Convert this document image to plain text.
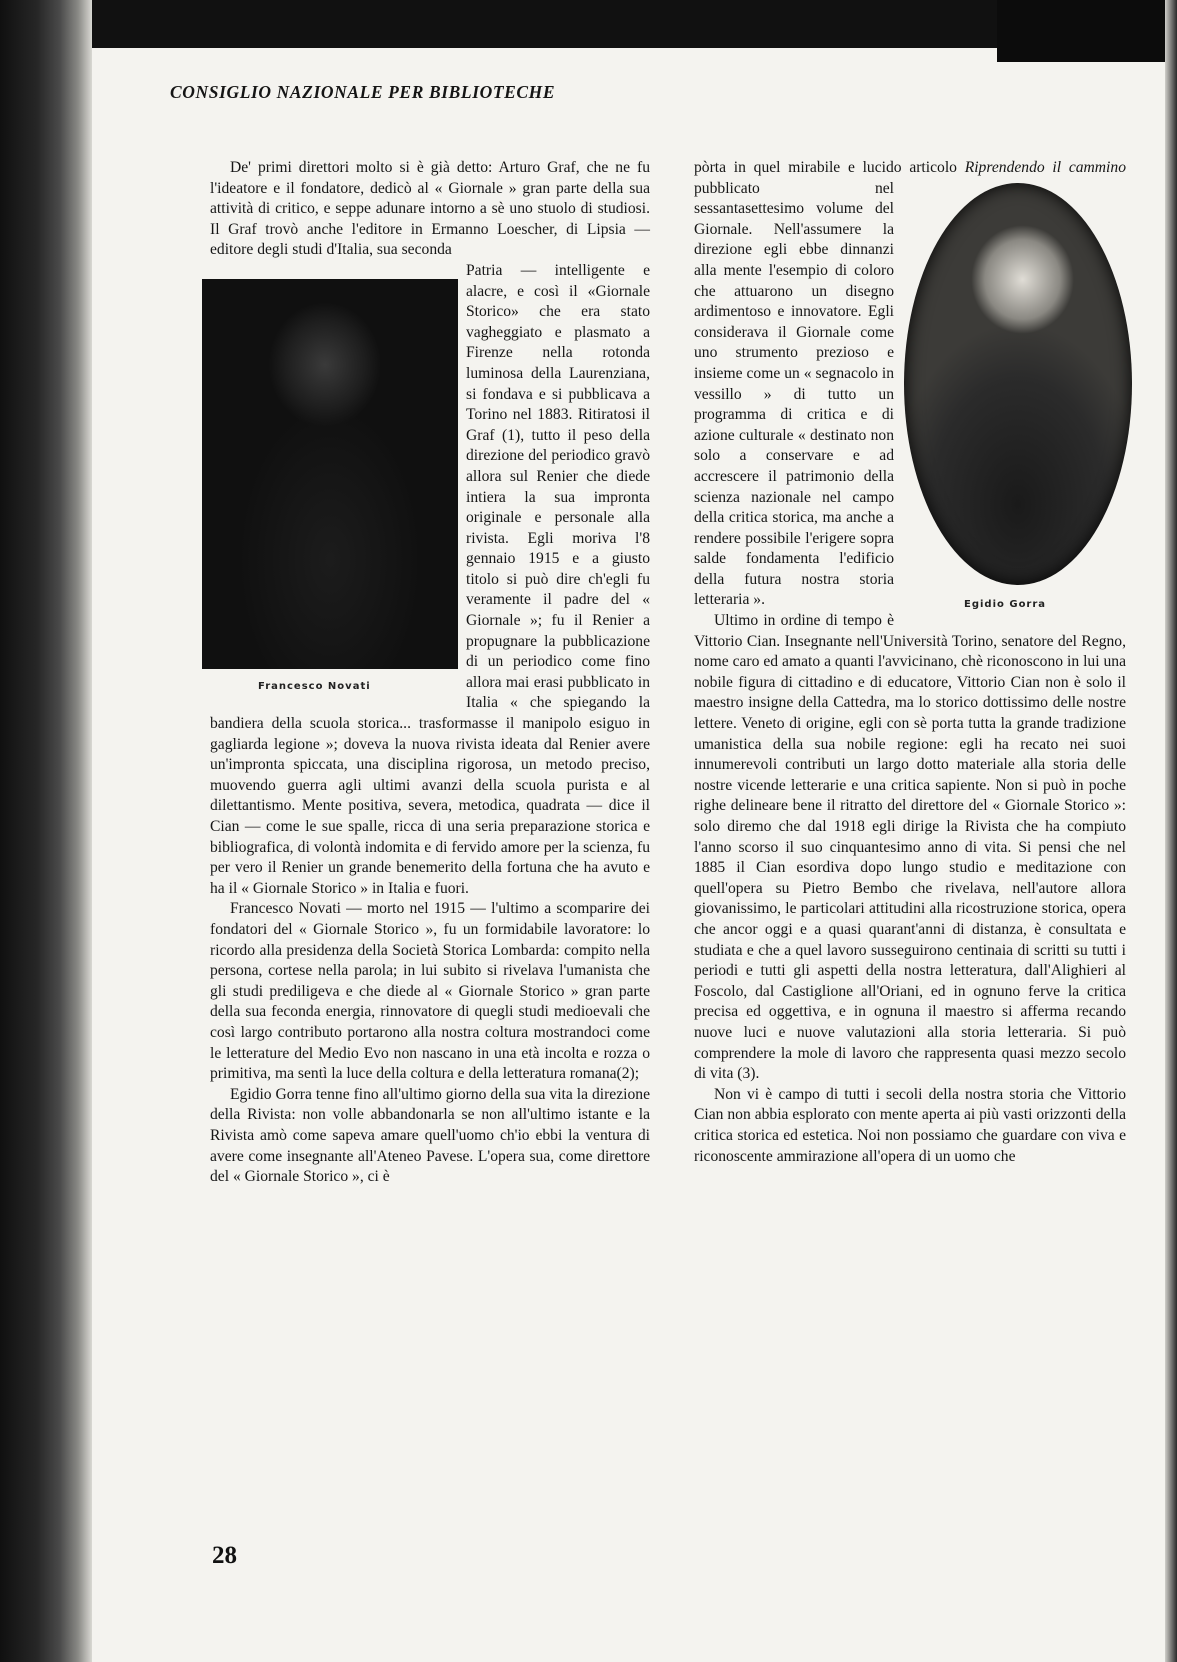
CONSIGLIO NAZIONALE PER BIBLIOTECHE

De' primi direttori molto si è già detto: Arturo Graf, che ne fu l'ideatore e il fondatore, dedicò al « Giornale » gran parte della sua attività di critico, e seppe adunare intorno a sè uno stuolo di studiosi. Il Graf trovò anche l'editore in Ermanno Loescher, di Lipsia — editore degli studi d'Italia, sua seconda

Francesco Novati

Patria — intelligente e alacre, e così il «Giornale Storico» che era stato vagheggiato e plasmato a Firenze nella rotonda luminosa della Laurenziana, si fondava e si pubblicava a Torino nel 1883. Ritiratosi il Graf (1), tutto il peso della direzione del periodico gravò allora sul Renier che diede intiera la sua impronta originale e personale alla rivista. Egli moriva l'8 gennaio 1915 e a giusto titolo si può dire ch'egli fu veramente il padre del « Giornale »; fu il Renier a propugnare la pubblicazione di un periodico come fino allora mai erasi pubblicato in Italia « che spiegando la bandiera della scuola storica... trasformasse il manipolo esiguo in gagliarda legione »; doveva la nuova rivista ideata dal Renier avere un'impronta spiccata, una disciplina rigorosa, un metodo preciso, muovendo guerra agli ultimi avanzi della scuola purista e al dilettantismo. Mente positiva, severa, metodica, quadrata — dice il Cian — come le sue spalle, ricca di una seria preparazione storica e bibliografica, di volontà indomita e di fervido amore per la scienza, fu per vero il Renier un grande benemerito della fortuna che ha avuto e ha il « Giornale Storico » in Italia e fuori.

Francesco Novati — morto nel 1915 — l'ultimo a scomparire dei fondatori del « Giornale Storico », fu un formidabile lavoratore: lo ricordo alla presidenza della Società Storica Lombarda: compito nella persona, cortese nella parola; in lui subito si rivelava l'umanista che gli studi prediligeva e che diede al « Giornale Storico » gran parte della sua feconda energia, rinnovatore di quegli studi medioevali che così largo contributo portarono alla nostra coltura mostrandoci come le letterature del Medio Evo non nascano in una età incolta e rozza o primitiva, ma sentì la luce della coltura e della letteratura romana(2);

Egidio Gorra tenne fino all'ultimo giorno della sua vita la direzione della Rivista: non volle abbandonarla se non all'ultimo istante e la Rivista amò come sapeva amare quell'uomo ch'io ebbi la ventura di avere come insegnante all'Ateneo Pavese. L'opera sua, come direttore del « Giornale Storico », ci è

pòrta in quel mirabile e lucido articolo Riprendendo il cammino
Egidio Gorra
pubblicato nel sessantasettesimo volume del Giornale. Nell'assumere la direzione egli ebbe dinnanzi alla mente l'esempio di coloro che attuarono un disegno ardimentoso e innovatore. Egli considerava il Giornale come uno strumento prezioso e insieme come un « segnacolo in vessillo » di tutto un programma di critica e di azione culturale « destinato non solo a conservare e ad accrescere il patrimonio della scienza nazionale nel campo della critica storica, ma anche a rendere possibile l'erigere sopra salde fondamenta l'edificio della futura nostra storia letteraria ».

Ultimo in ordine di tempo è Vittorio Cian. Insegnante nell'Università Torino, senatore del Regno, nome caro ed amato a quanti l'avvicinano, chè riconoscono in lui una nobile figura di cittadino e di educatore, Vittorio Cian non è solo il maestro insigne della Cattedra, ma lo storico dottissimo delle nostre lettere. Veneto di origine, egli con sè porta tutta la grande tradizione umanistica della sua nobile regione: egli ha recato nei suoi innumerevoli contributi un largo dotto materiale alla storia delle nostre vicende letterarie e una critica sapiente. Non si può in poche righe delineare bene il ritratto del direttore del « Giornale Storico »: solo diremo che dal 1918 egli dirige la Rivista che ha compiuto l'anno scorso il suo cinquantesimo anno di vita. Si pensi che nel 1885 il Cian esordiva dopo lungo studio e meditazione con quell'opera su Pietro Bembo che rivelava, nell'autore allora giovanissimo, le particolari attitudini alla ricostruzione storica, opera che ancor oggi e a quasi quarant'anni di distanza, è consultata e studiata e che a quel lavoro susseguirono centinaia di scritti su tutti i periodi e tutti gli aspetti della nostra letteratura, dall'Alighieri al Foscolo, dal Castiglione all'Oriani, ed in ognuno ferve la critica precisa ed oggettiva, e in ognuna il maestro si afferma recando nuove luci e nuove valutazioni alla storia letteraria. Si può comprendere la mole di lavoro che rappresenta quasi mezzo secolo di vita (3).

Non vi è campo di tutti i secoli della nostra storia che Vittorio Cian non abbia esplorato con mente aperta ai più vasti orizzonti della critica storica ed estetica. Noi non possiamo che guardare con viva e riconoscente ammirazione all'opera di un uomo che

28
